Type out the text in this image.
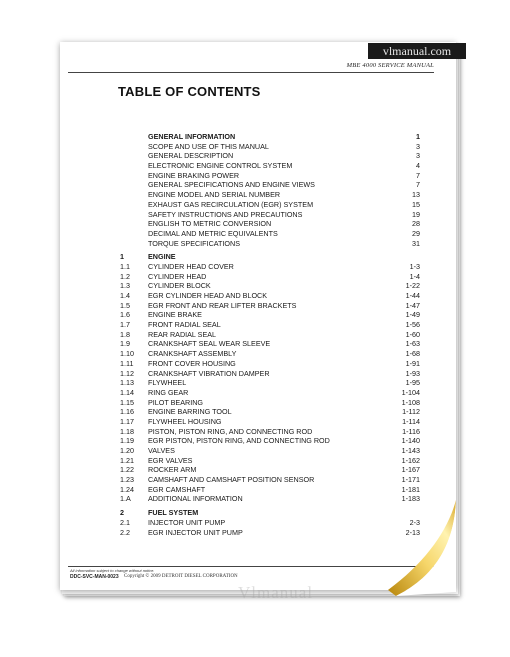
MBE 4000 SERVICE MANUAL
TABLE OF CONTENTS
GENERAL INFORMATION	1
SCOPE AND USE OF THIS MANUAL	3
GENERAL DESCRIPTION	3
ELECTRONIC ENGINE CONTROL SYSTEM	4
ENGINE BRAKING POWER	7
GENERAL SPECIFICATIONS AND ENGINE VIEWS	7
ENGINE MODEL AND SERIAL NUMBER	13
EXHAUST GAS RECIRCULATION (EGR) SYSTEM	15
SAFETY INSTRUCTIONS AND PRECAUTIONS	19
ENGLISH TO METRIC CONVERSION	28
DECIMAL AND METRIC EQUIVALENTS	29
TORQUE SPECIFICATIONS	31
1	ENGINE
1.1	CYLINDER HEAD COVER	1-3
1.2	CYLINDER HEAD	1-4
1.3	CYLINDER BLOCK	1-22
1.4	EGR CYLINDER HEAD AND BLOCK	1-44
1.5	EGR FRONT AND REAR LIFTER BRACKETS	1-47
1.6	ENGINE BRAKE	1-49
1.7	FRONT RADIAL SEAL	1-56
1.8	REAR RADIAL SEAL	1-60
1.9	CRANKSHAFT SEAL WEAR SLEEVE	1-63
1.10	CRANKSHAFT ASSEMBLY	1-68
1.11	FRONT COVER HOUSING	1-91
1.12	CRANKSHAFT VIBRATION DAMPER	1-93
1.13	FLYWHEEL	1-95
1.14	RING GEAR	1-104
1.15	PILOT BEARING	1-108
1.16	ENGINE BARRING TOOL	1-112
1.17	FLYWHEEL HOUSING	1-114
1.18	PISTON, PISTON RING, AND CONNECTING ROD	1-116
1.19	EGR PISTON, PISTON RING, AND CONNECTING ROD	1-140
1.20	VALVES	1-143
1.21	EGR VALVES	1-162
1.22	ROCKER ARM	1-167
1.23	CAMSHAFT AND CAMSHAFT POSITION SENSOR	1-171
1.24	EGR CAMSHAFT	1-181
1.A	ADDITIONAL INFORMATION	1-183
2	FUEL SYSTEM
2.1	INJECTOR UNIT PUMP	2-3
2.2	EGR INJECTOR UNIT PUMP	2-13
All information subject to change without notice.
DDC-SVC-MAN-0023 Copyright © 2009 DETROIT DIESEL CORPORATION
Vlmanual
vlmanual.com
